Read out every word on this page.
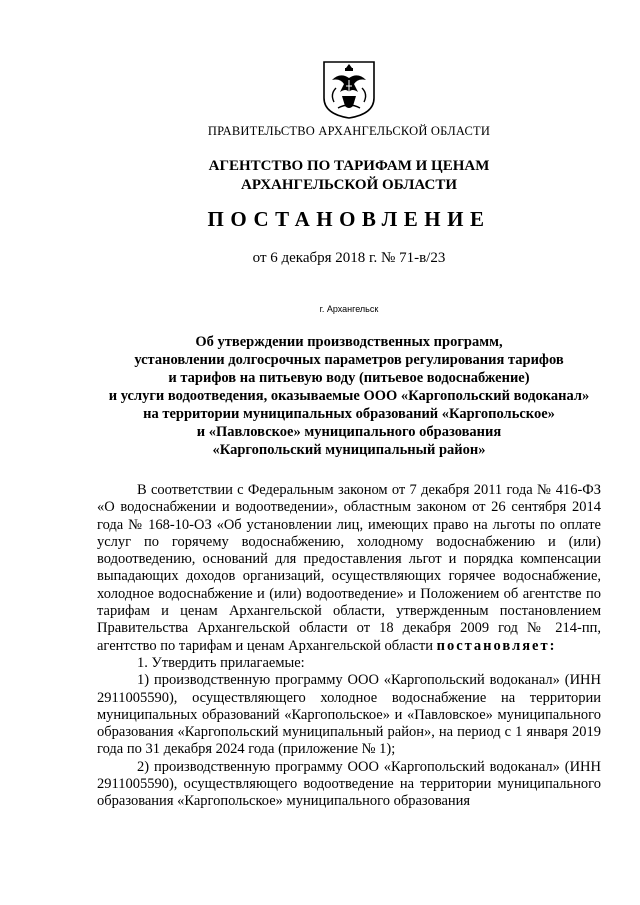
ПРАВИТЕЛЬСТВО АРХАНГЕЛЬСКОЙ ОБЛАСТИ
АГЕНТСТВО ПО ТАРИФАМ И ЦЕНАМ
АРХАНГЕЛЬСКОЙ ОБЛАСТИ
ПОСТАНОВЛЕНИЕ
от 6 декабря 2018 г. № 71-в/23
г. Архангельск
Об утверждении производственных программ,
установлении долгосрочных параметров регулирования тарифов
и тарифов на питьевую воду (питьевое водоснабжение)
и услуги водоотведения, оказываемые ООО «Каргопольский водоканал»
на территории муниципальных образований «Каргопольское»
и «Павловское» муниципального образования
«Каргопольский муниципальный район»

В соответствии с Федеральным законом от 7 декабря 2011 года № 416-ФЗ «О водоснабжении и водоотведении», областным законом от 26 сентября 2014 года № 168-10-ОЗ «Об установлении лиц, имеющих право на льготы по оплате услуг по горячему водоснабжению, холодному водоснабжению и (или) водоотведению, оснований для предоставления льгот и порядка компенсации выпадающих доходов организаций, осуществляющих горячее водоснабжение, холодное водоснабжение и (или) водоотведение» и Положением об агентстве по тарифам и ценам Архангельской области, утвержденным постановлением Правительства Архангельской области от 18 декабря 2009 год № 214-пп, агентство по тарифам и ценам Архангельской области постановляет:

1. Утвердить прилагаемые:

1) производственную программу ООО «Каргопольский водоканал» (ИНН 2911005590), осуществляющего холодное водоснабжение на территории муниципальных образований «Каргопольское» и «Павловское» муниципального образования «Каргопольский муниципальный район», на период с 1 января 2019 года по 31 декабря 2024 года (приложение № 1);

2) производственную программу ООО «Каргопольский водоканал» (ИНН 2911005590), осуществляющего водоотведение на территории муниципального образования «Каргопольское» муниципального образования
